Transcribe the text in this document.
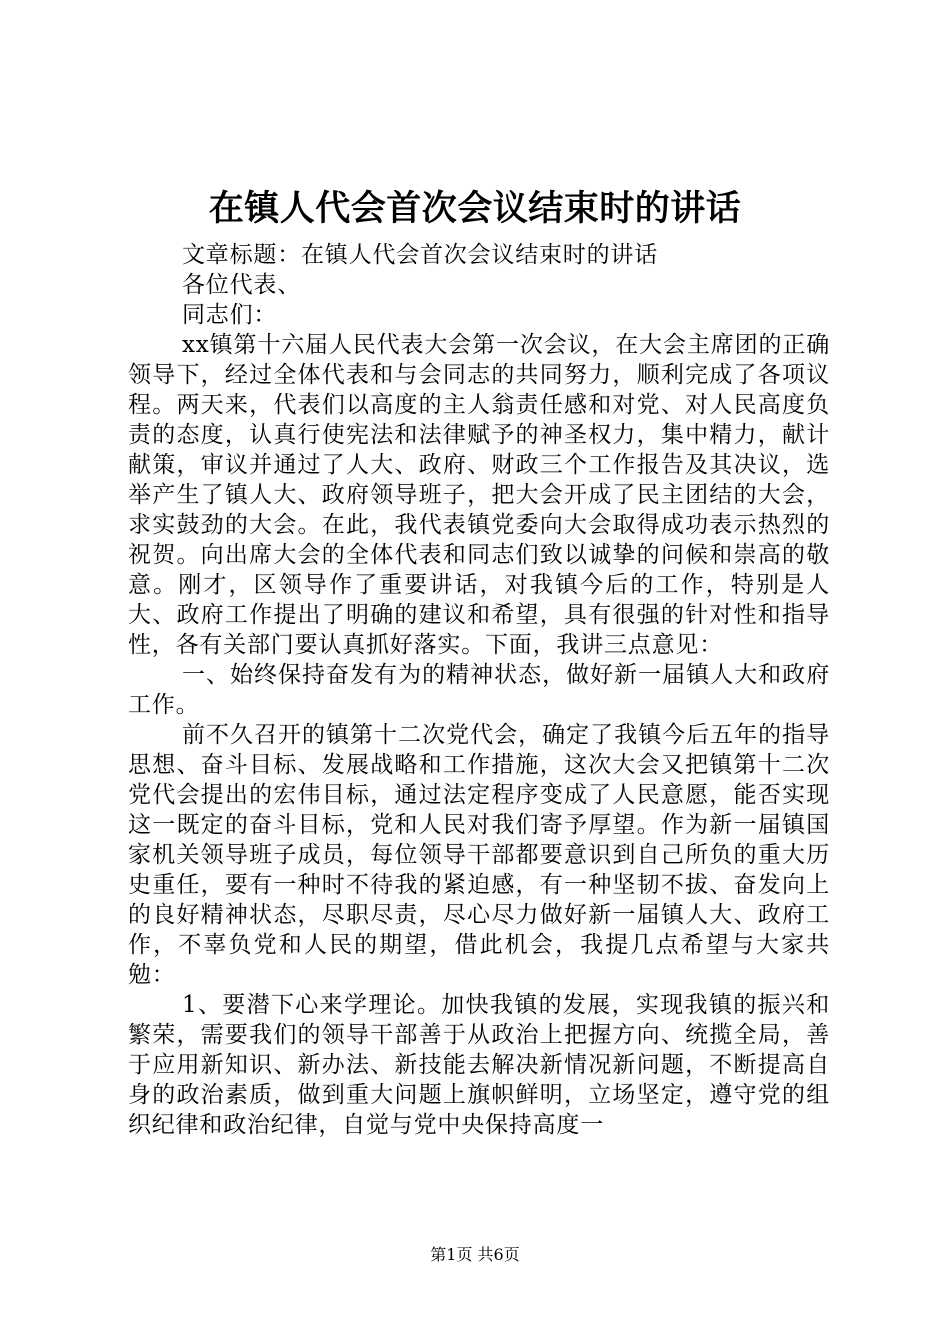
在镇人代会首次会议结束时的讲话

文章标题：在镇人代会首次会议结束时的讲话

各位代表、

同志们：

xx镇第十六届人民代表大会第一次会议，在大会主席团的正确领导下，经过全体代表和与会同志的共同努力，顺利完成了各项议程。两天来，代表们以高度的主人翁责任感和对党、对人民高度负责的态度，认真行使宪法和法律赋予的神圣权力，集中精力，献计献策，审议并通过了人大、政府、财政三个工作报告及其决议，选举产生了镇人大、政府领导班子，把大会开成了民主团结的大会，求实鼓劲的大会。在此，我代表镇党委向大会取得成功表示热烈的祝贺。向出席大会的全体代表和同志们致以诚挚的问候和崇高的敬意。刚才，区领导作了重要讲话，对我镇今后的工作，特别是人大、政府工作提出了明确的建议和希望，具有很强的针对性和指导性，各有关部门要认真抓好落实。下面，我讲三点意见：

一、始终保持奋发有为的精神状态，做好新一届镇人大和政府工作。

前不久召开的镇第十二次党代会，确定了我镇今后五年的指导思想、奋斗目标、发展战略和工作措施，这次大会又把镇第十二次党代会提出的宏伟目标，通过法定程序变成了人民意愿，能否实现这一既定的奋斗目标，党和人民对我们寄予厚望。作为新一届镇国家机关领导班子成员，每位领导干部都要意识到自己所负的重大历史重任，要有一种时不待我的紧迫感，有一种坚韧不拔、奋发向上的良好精神状态，尽职尽责，尽心尽力做好新一届镇人大、政府工作，不辜负党和人民的期望，借此机会，我提几点希望与大家共勉：

1、要潜下心来学理论。加快我镇的发展，实现我镇的振兴和繁荣，需要我们的领导干部善于从政治上把握方向、统揽全局，善于应用新知识、新办法、新技能去解决新情况新问题，不断提高自身的政治素质，做到重大问题上旗帜鲜明，立场坚定，遵守党的组织纪律和政治纪律，自觉与党中央保持高度一

第1页 共6页
